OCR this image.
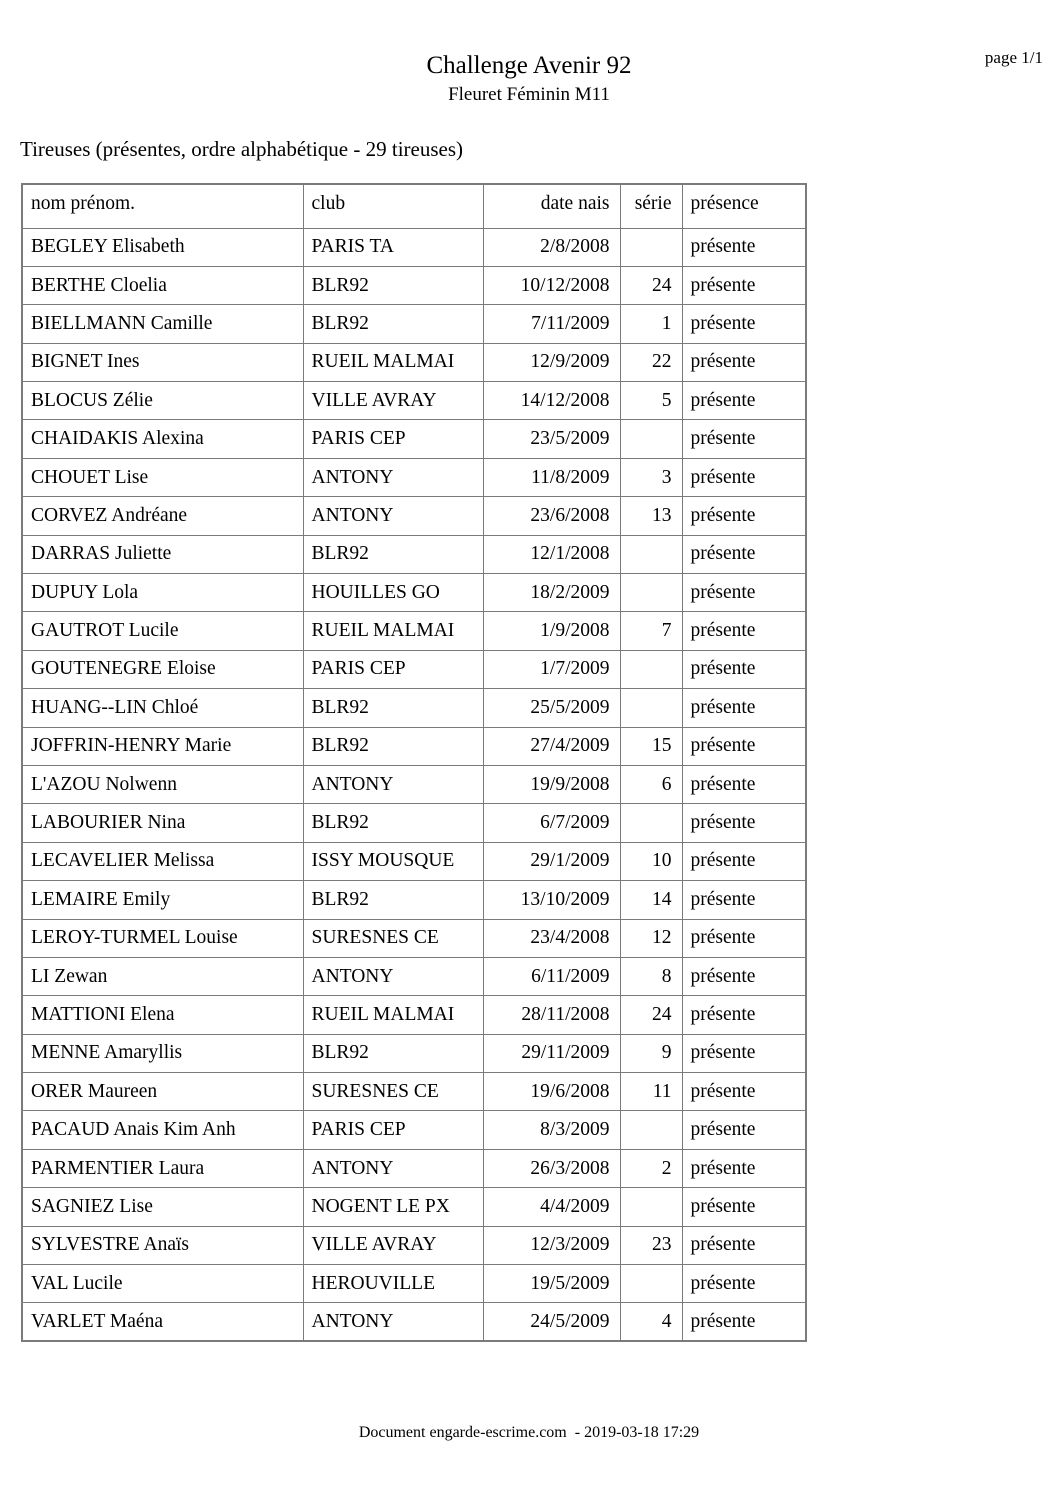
page 1/1
Challenge Avenir 92
Fleuret Féminin M11
Tireuses (présentes, ordre alphabétique - 29 tireuses)
nom prénom.	club	date nais	série	présence
BEGLEY Elisabeth	PARIS TA	2/8/2008		présente
BERTHE Cloelia	BLR92	10/12/2008	24	présente
BIELLMANN Camille	BLR92	7/11/2009	1	présente
BIGNET Ines	RUEIL MALMAI	12/9/2009	22	présente
BLOCUS Zélie	VILLE AVRAY	14/12/2008	5	présente
CHAIDAKIS Alexina	PARIS CEP	23/5/2009		présente
CHOUET Lise	ANTONY	11/8/2009	3	présente
CORVEZ Andréane	ANTONY	23/6/2008	13	présente
DARRAS Juliette	BLR92	12/1/2008		présente
DUPUY Lola	HOUILLES GO	18/2/2009		présente
GAUTROT Lucile	RUEIL MALMAI	1/9/2008	7	présente
GOUTENEGRE Eloise	PARIS CEP	1/7/2009		présente
HUANG--LIN Chloé	BLR92	25/5/2009		présente
JOFFRIN-HENRY Marie	BLR92	27/4/2009	15	présente
L'AZOU Nolwenn	ANTONY	19/9/2008	6	présente
LABOURIER Nina	BLR92	6/7/2009		présente
LECAVELIER Melissa	ISSY MOUSQUE	29/1/2009	10	présente
LEMAIRE Emily	BLR92	13/10/2009	14	présente
LEROY-TURMEL Louise	SURESNES CE	23/4/2008	12	présente
LI Zewan	ANTONY	6/11/2009	8	présente
MATTIONI Elena	RUEIL MALMAI	28/11/2008	24	présente
MENNE Amaryllis	BLR92	29/11/2009	9	présente
ORER Maureen	SURESNES CE	19/6/2008	11	présente
PACAUD Anais Kim Anh	PARIS CEP	8/3/2009		présente
PARMENTIER Laura	ANTONY	26/3/2008	2	présente
SAGNIEZ Lise	NOGENT LE PX	4/4/2009		présente
SYLVESTRE Anaïs	VILLE AVRAY	12/3/2009	23	présente
VAL Lucile	HEROUVILLE	19/5/2009		présente
VARLET Maéna	ANTONY	24/5/2009	4	présente
Document engarde-escrime.com  - 2019-03-18 17:29
